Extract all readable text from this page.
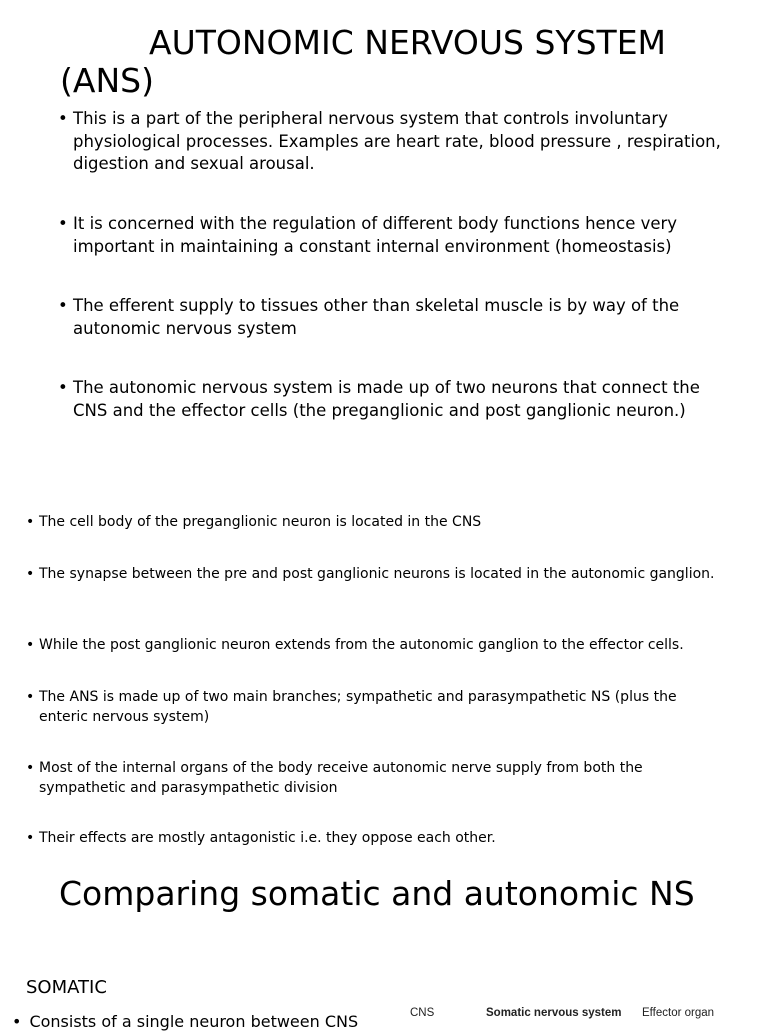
AUTONOMIC NERVOUS SYSTEM
(ANS)
• This is a part of the peripheral nervous system that controls involuntary physiological processes. Examples are heart rate, blood pressure , respiration, digestion and sexual arousal.
• It is concerned with the regulation of different body functions hence very important in maintaining a constant internal environment (homeostasis)
• The efferent supply to tissues other than skeletal muscle is by way of the autonomic nervous system
• The autonomic nervous system is made up of two neurons that connect the CNS and the effector cells (the preganglionic and post ganglionic neuron.)
• The cell body of the preganglionic neuron is located in the CNS
• The synapse between the pre and post ganglionic neurons is located in the autonomic ganglion.
• While the post ganglionic neuron extends from the autonomic ganglion to the effector cells.
• The ANS is made up of two main branches; sympathetic and parasympathetic NS (plus the enteric nervous system)
• Most of the internal organs of the body receive autonomic nerve supply from both the sympathetic and parasympathetic division
• Their effects are mostly antagonistic i.e. they oppose each other.
Comparing somatic and autonomic NS
SOMATIC
• Consists of a single neuron between CNS	CNS	Somatic nervous system Effector organ
